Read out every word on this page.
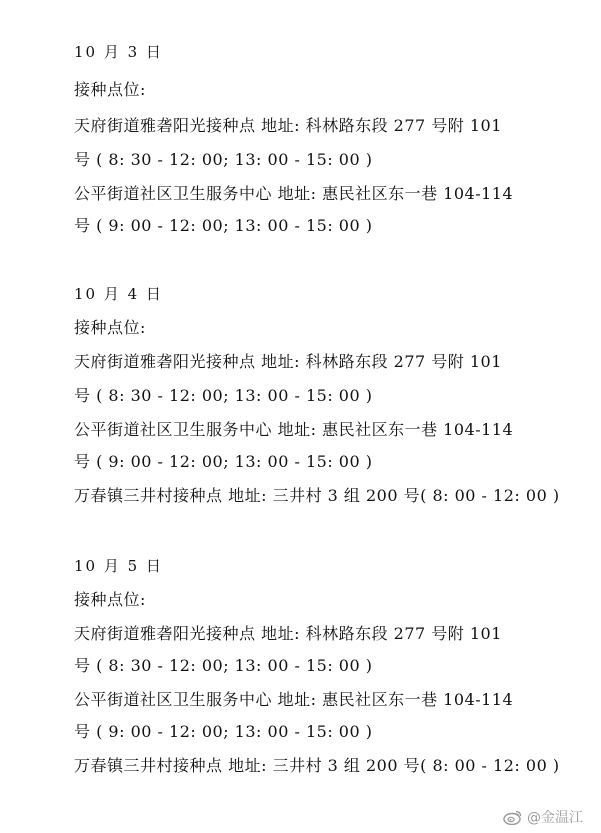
10 月 3 日
接种点位:
天府街道雅砻阳光接种点 地址: 科林路东段 277 号附 101
号 ( 8: 30 - 12: 00; 13: 00 - 15: 00 )
公平街道社区卫生服务中心 地址: 惠民社区东一巷 104-114
号 ( 9: 00 - 12: 00; 13: 00 - 15: 00 )
10 月 4 日
接种点位:
天府街道雅砻阳光接种点 地址: 科林路东段 277 号附 101
号 ( 8: 30 - 12: 00; 13: 00 - 15: 00 )
公平街道社区卫生服务中心 地址: 惠民社区东一巷 104-114
号 ( 9: 00 - 12: 00; 13: 00 - 15: 00 )
万春镇三井村接种点 地址: 三井村 3 组 200 号( 8: 00 - 12: 00 )
10 月 5 日
接种点位:
天府街道雅砻阳光接种点 地址: 科林路东段 277 号附 101
号 ( 8: 30 - 12: 00; 13: 00 - 15: 00 )
公平街道社区卫生服务中心 地址: 惠民社区东一巷 104-114
号 ( 9: 00 - 12: 00; 13: 00 - 15: 00 )
万春镇三井村接种点 地址: 三井村 3 组 200 号( 8: 00 - 12: 00 )
@金温江
